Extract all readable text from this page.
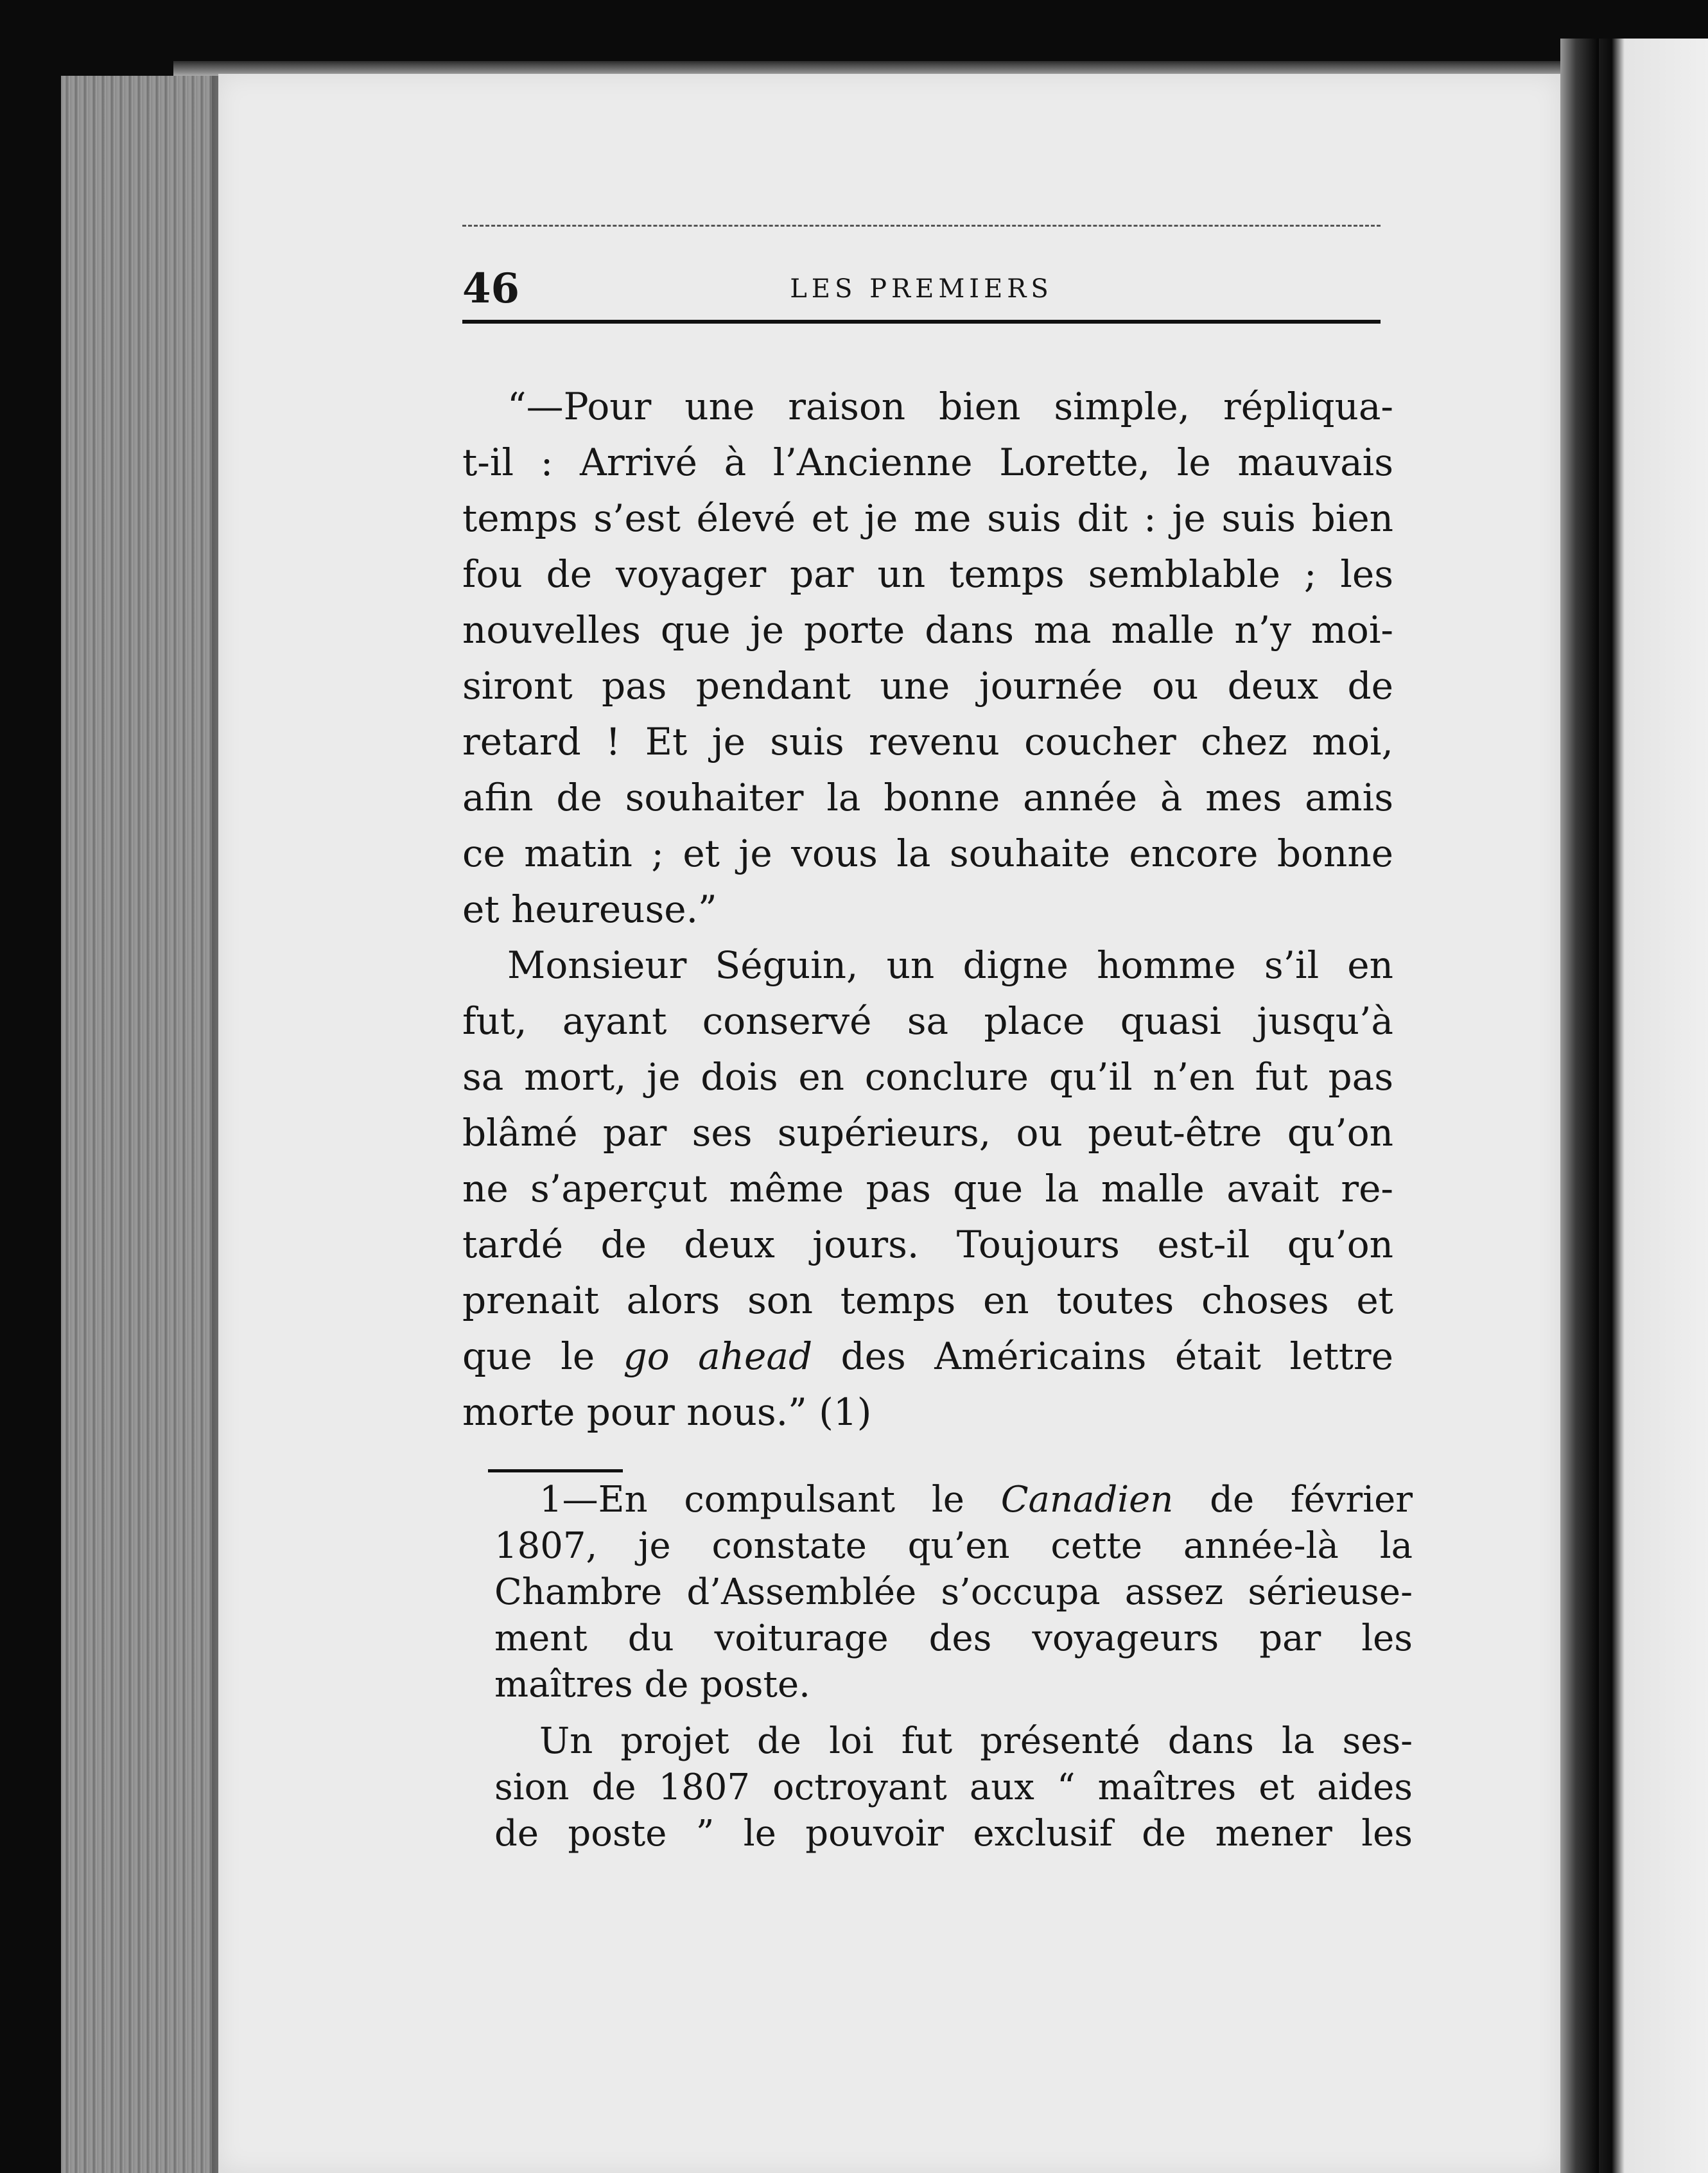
46	LES PREMIERS
“—Pour une raison bien simple, répliqua-
t-il : Arrivé à l’Ancienne Lorette, le mauvais
temps s’est élevé et je me suis dit : je suis bien
fou de voyager par un temps semblable ; les
nouvelles que je porte dans ma malle n’y moi-
siront pas pendant une journée ou deux de
retard ! Et je suis revenu coucher chez moi,
afin de souhaiter la bonne année à mes amis
ce matin ; et je vous la souhaite encore bonne
et heureuse.”
Monsieur Séguin, un digne homme s’il en
fut, ayant conservé sa place quasi jusqu’à
sa mort, je dois en conclure qu’il n’en fut pas
blâmé par ses supérieurs, ou peut-être qu’on
ne s’aperçut même pas que la malle avait re-
tardé de deux jours. Toujours est-il qu’on
prenait alors son temps en toutes choses et
que le go ahead des Américains était lettre
morte pour nous.” (1)
1—En compulsant le Canadien de février
1807, je constate qu’en cette année-là la
Chambre d’Assemblée s’occupa assez sérieuse-
ment du voiturage des voyageurs par les
maîtres de poste.
Un projet de loi fut présenté dans la ses-
sion de 1807 octroyant aux “ maîtres et aides
de poste ” le pouvoir exclusif de mener les
